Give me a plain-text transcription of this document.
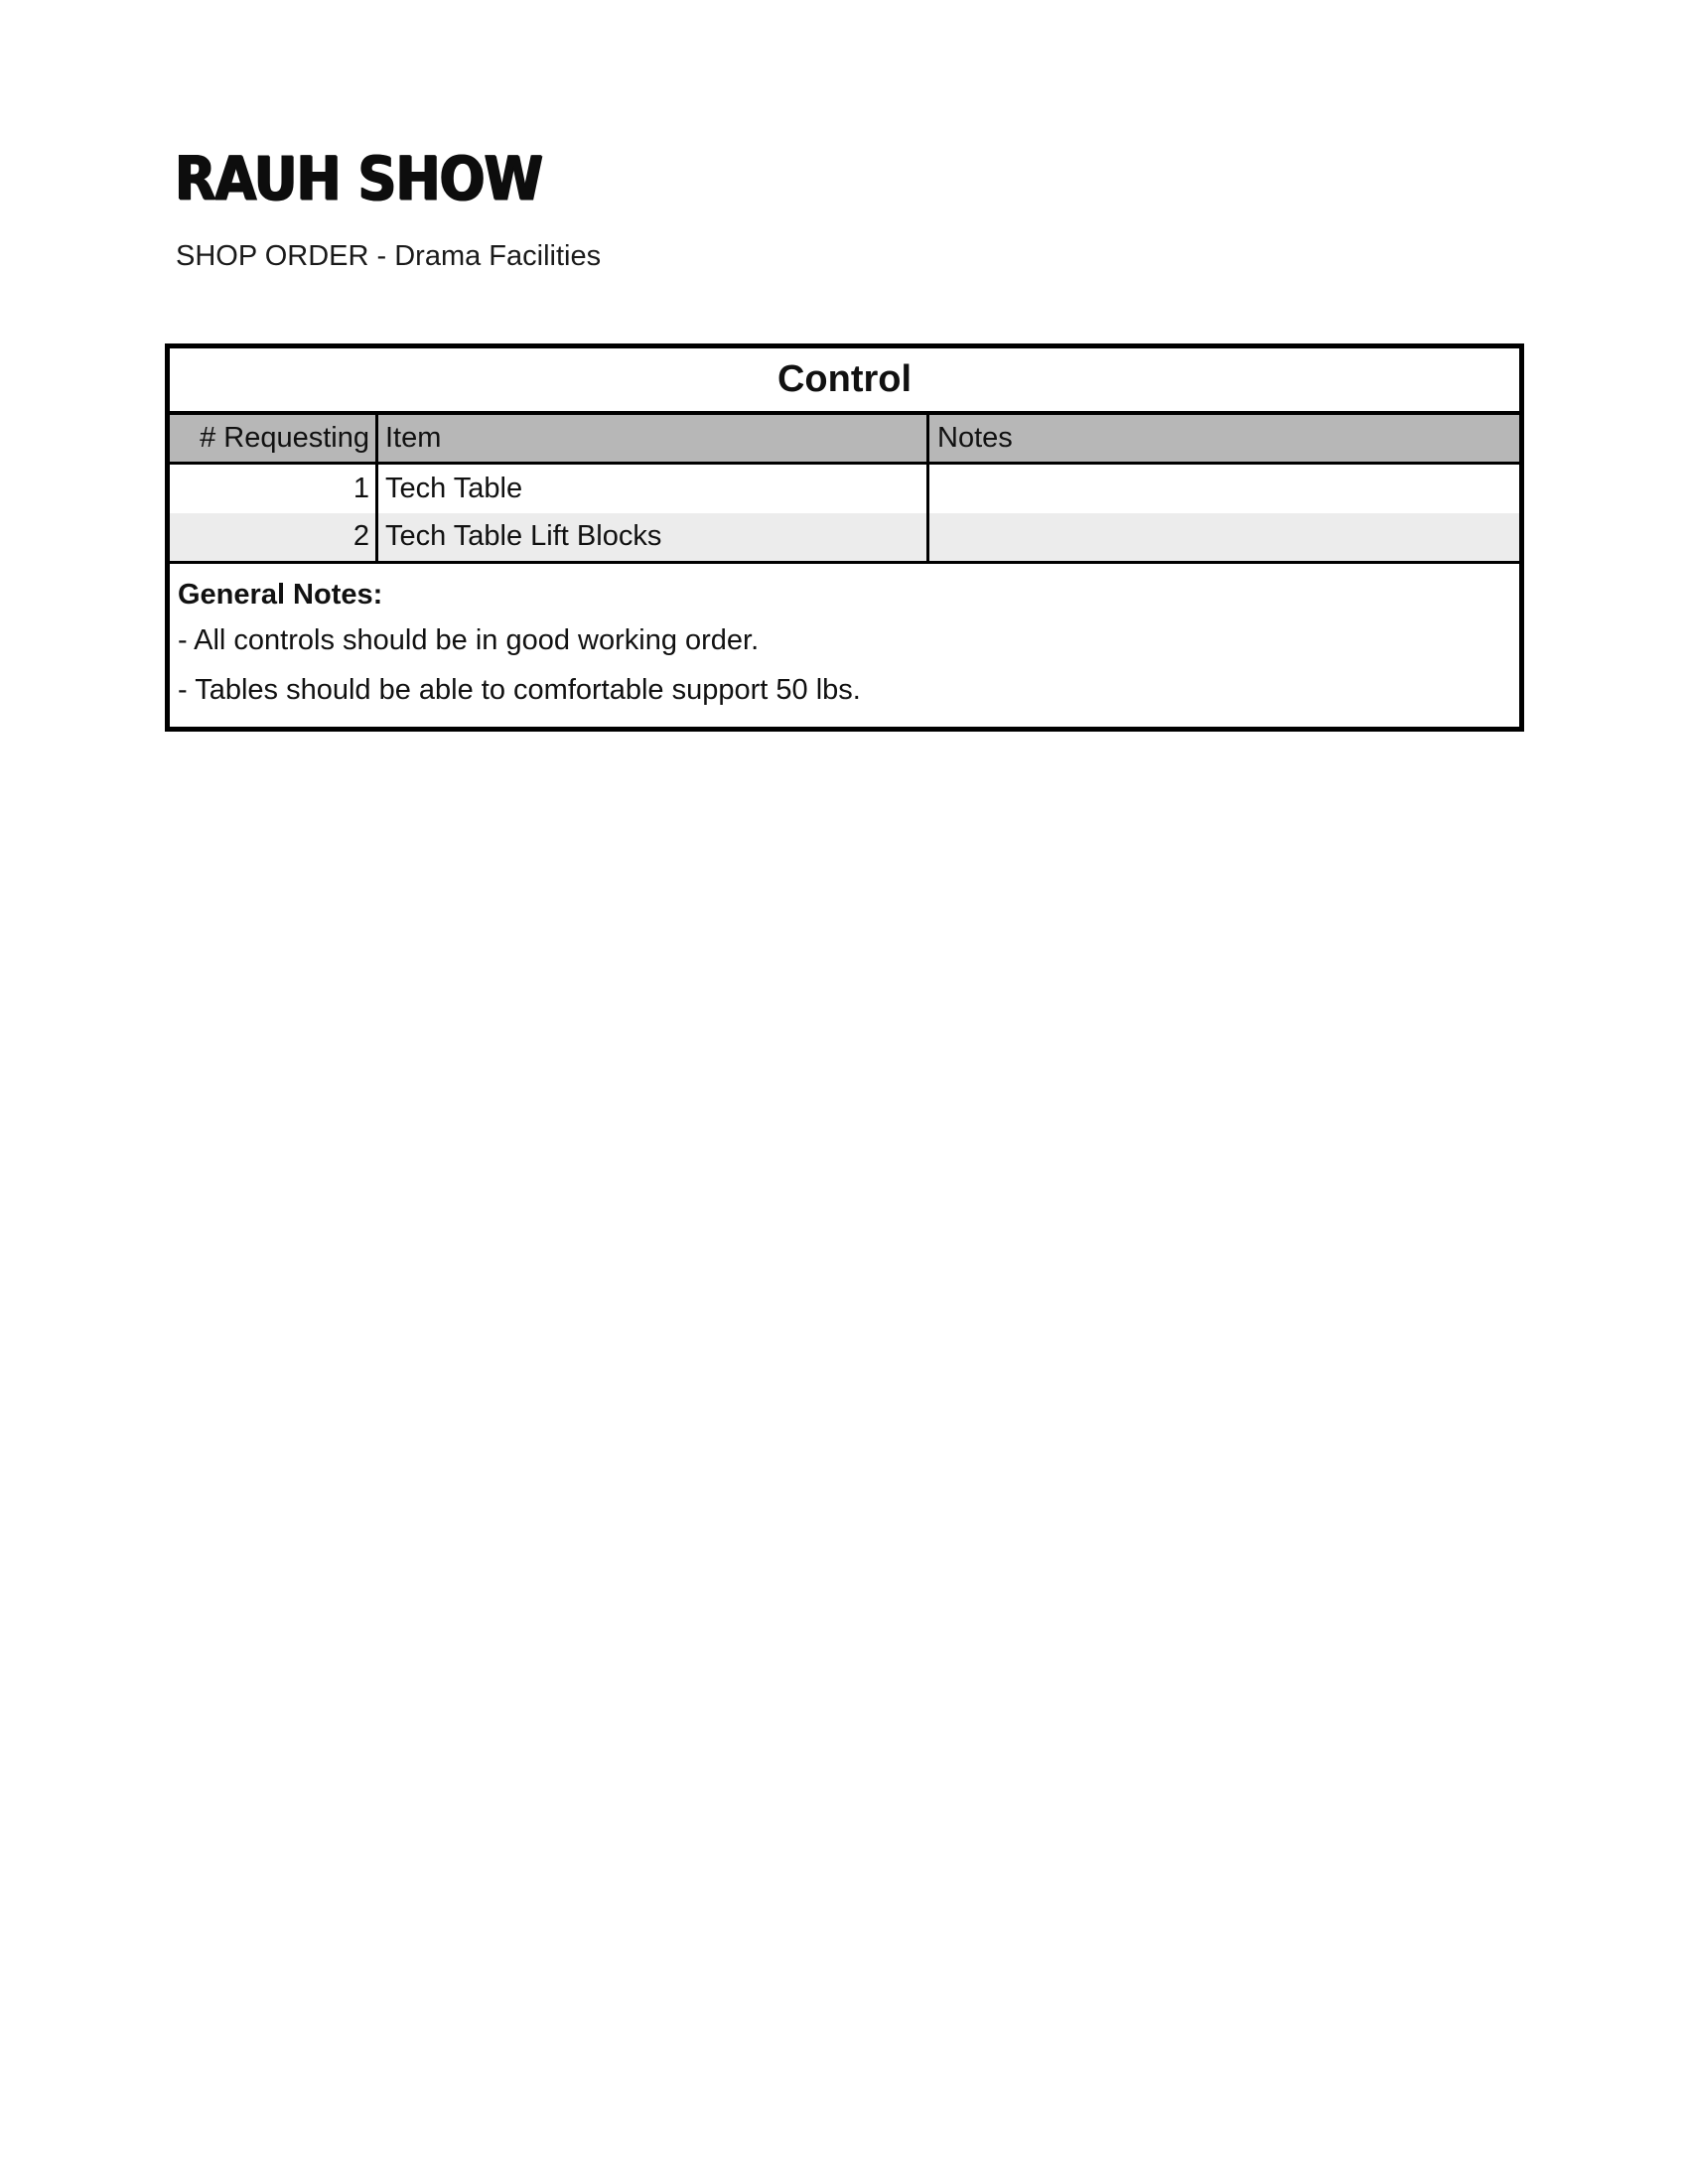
RAUH SHOW
SHOP ORDER - Drama Facilities
Control		
# Requesting	Item	Notes
1	Tech Table	
2	Tech Table Lift Blocks	

General Notes:
- All controls should be in good working order.
- Tables should be able to comfortable support 50 lbs.		
